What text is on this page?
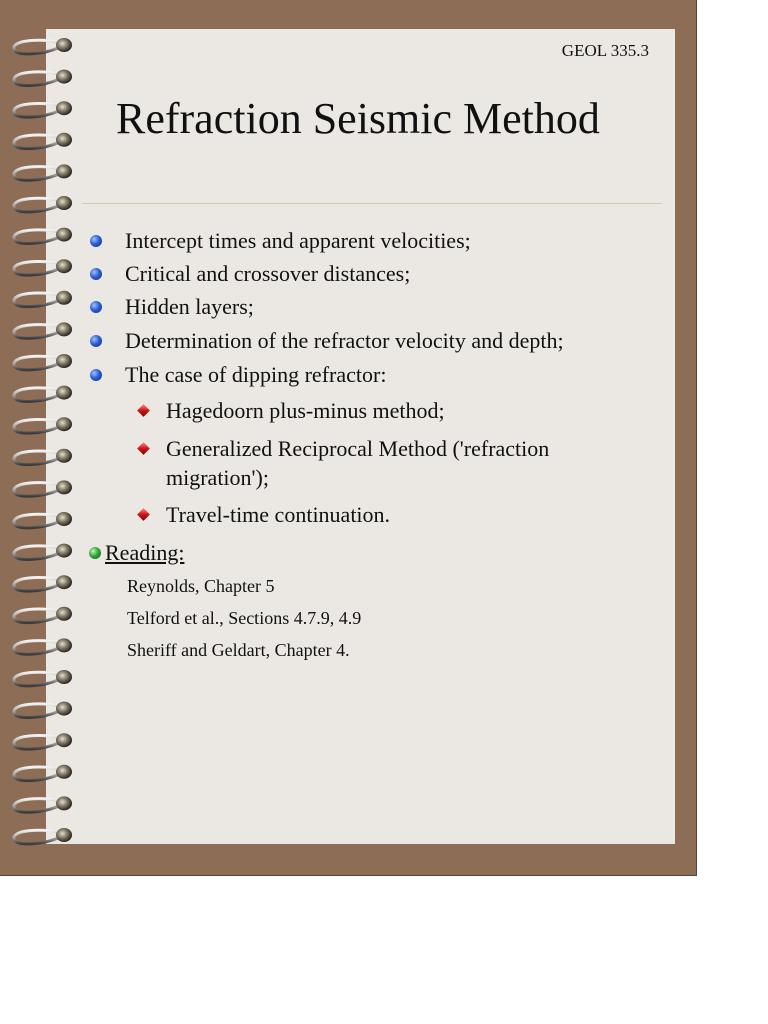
GEOL 335.3
Refraction Seismic Method
Intercept times and apparent velocities;
Critical and crossover distances;
Hidden layers;
Determination of the refractor velocity and depth;
The case of dipping refractor:
Hagedoorn plus-minus method;
Generalized Reciprocal Method ('refraction
migration');
Travel-time continuation.
Reading:
Reynolds, Chapter 5
Telford et al., Sections 4.7.9, 4.9
Sheriff and Geldart, Chapter 4.
